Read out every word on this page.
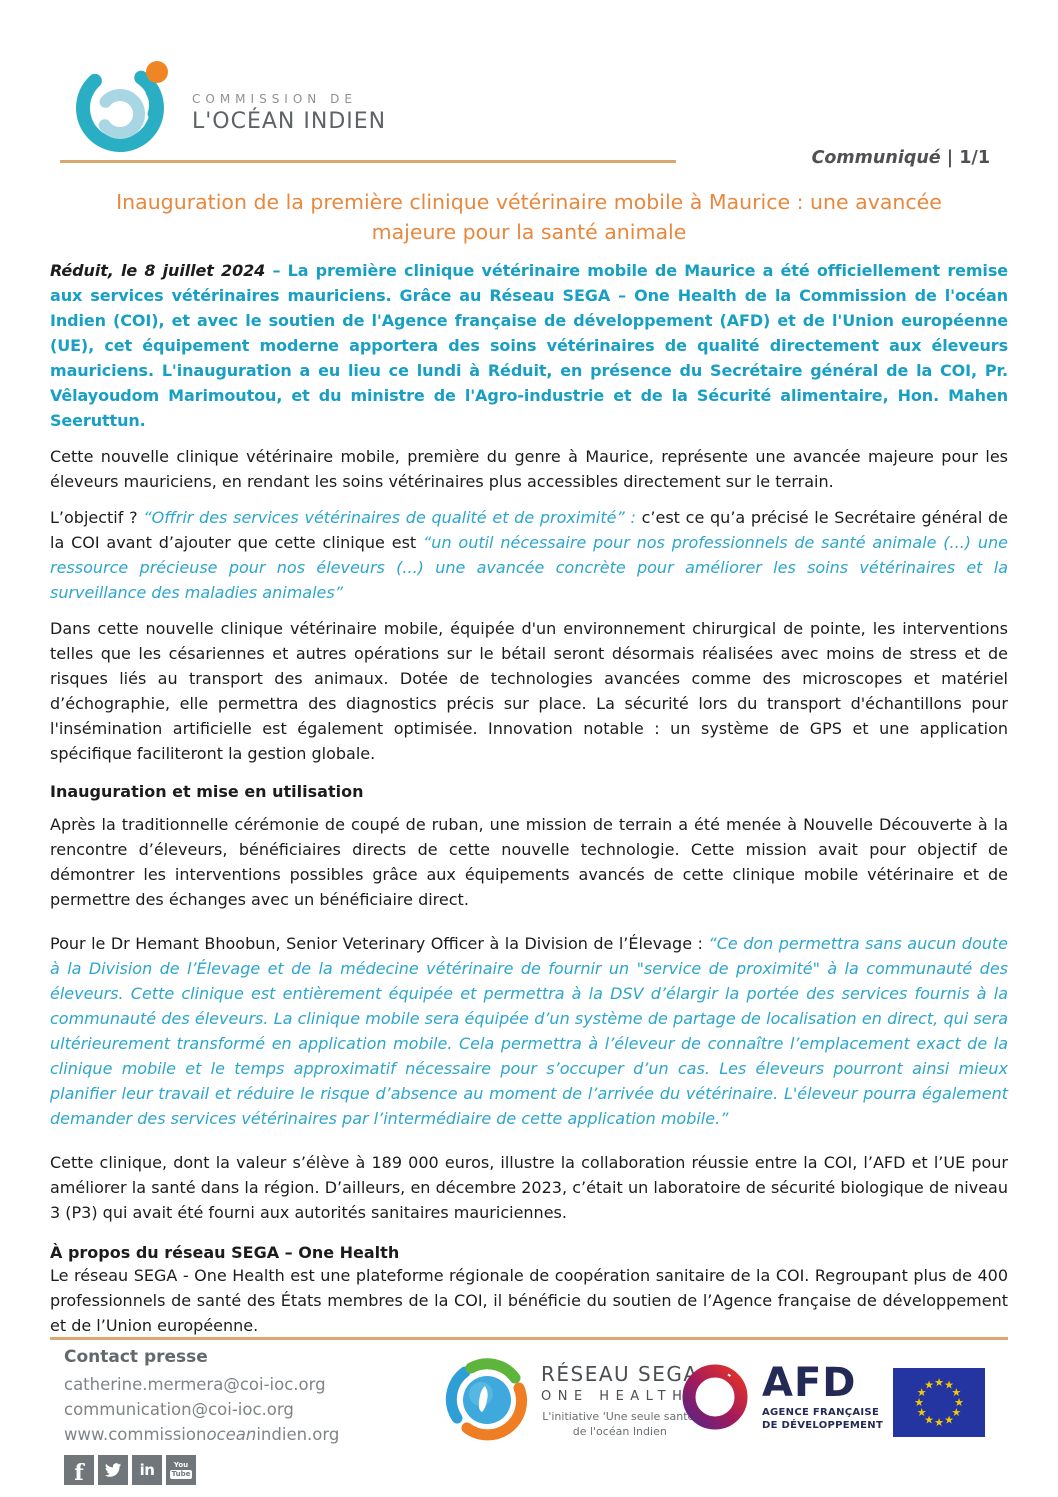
COMMISSION DE
L'OCÉAN INDIEN
Communiqué | 1/1
Inauguration de la première clinique vétérinaire mobile à Maurice : une avancée majeure pour la santé animale

Réduit, le 8 juillet 2024 – La première clinique vétérinaire mobile de Maurice a été officiellement remise aux services vétérinaires mauriciens. Grâce au Réseau SEGA – One Health de la Commission de l'océan Indien (COI), et avec le soutien de l'Agence française de développement (AFD) et de l'Union européenne (UE), cet équipement moderne apportera des soins vétérinaires de qualité directement aux éleveurs mauriciens. L'inauguration a eu lieu ce lundi à Réduit, en présence du Secrétaire général de la COI, Pr. Vêlayoudom Marimoutou, et du ministre de l'Agro-industrie et de la Sécurité alimentaire, Hon. Mahen Seeruttun.

Cette nouvelle clinique vétérinaire mobile, première du genre à Maurice, représente une avancée majeure pour les éleveurs mauriciens, en rendant les soins vétérinaires plus accessibles directement sur le terrain.

L’objectif ? “Offrir des services vétérinaires de qualité et de proximité” : c’est ce qu’a précisé le Secrétaire général de la COI avant d’ajouter que cette clinique est “un outil nécessaire pour nos professionnels de santé animale (...) une ressource précieuse pour nos éleveurs (...) une avancée concrète pour améliorer les soins vétérinaires et la surveillance des maladies animales”

Dans cette nouvelle clinique vétérinaire mobile, équipée d'un environnement chirurgical de pointe, les interventions telles que les césariennes et autres opérations sur le bétail seront désormais réalisées avec moins de stress et de risques liés au transport des animaux. Dotée de technologies avancées comme des microscopes et matériel d’échographie, elle permettra des diagnostics précis sur place. La sécurité lors du transport d'échantillons pour l'insémination artificielle est également optimisée. Innovation notable : un système de GPS et une application spécifique faciliteront la gestion globale.

Inauguration et mise en utilisation

Après la traditionnelle cérémonie de coupé de ruban, une mission de terrain a été menée à Nouvelle Découverte à la rencontre d’éleveurs, bénéficiaires directs de cette nouvelle technologie. Cette mission avait pour objectif de démontrer les interventions possibles grâce aux équipements avancés de cette clinique mobile vétérinaire et de permettre des échanges avec un bénéficiaire direct.

Pour le Dr Hemant Bhoobun, Senior Veterinary Officer à la Division de l’Élevage : “Ce don permettra sans aucun doute à la Division de l’Élevage et de la médecine vétérinaire de fournir un "service de proximité" à la communauté des éleveurs. Cette clinique est entièrement équipée et permettra à la DSV d’élargir la portée des services fournis à la communauté des éleveurs. La clinique mobile sera équipée d’un système de partage de localisation en direct, qui sera ultérieurement transformé en application mobile. Cela permettra à l’éleveur de connaître l’emplacement exact de la clinique mobile et le temps approximatif nécessaire pour s’occuper d’un cas. Les éleveurs pourront ainsi mieux planifier leur travail et réduire le risque d’absence au moment de l’arrivée du vétérinaire. L'éleveur pourra également demander des services vétérinaires par l’intermédiaire de cette application mobile.”

Cette clinique, dont la valeur s’élève à 189 000 euros, illustre la collaboration réussie entre la COI, l’AFD et l’UE pour améliorer la santé dans la région. D’ailleurs, en décembre 2023, c’était un laboratoire de sécurité biologique de niveau 3 (P3) qui avait été fourni aux autorités sanitaires mauriciennes.

À propos du réseau SEGA – One Health

Le réseau SEGA - One Health est une plateforme régionale de coopération sanitaire de la COI. Regroupant plus de 400 professionnels de santé des États membres de la COI, il bénéficie du soutien de l’Agence française de développement et de l’Union européenne.

Contact presse
catherine.mermera@coi-ioc.org
communication@coi-ioc.org
www.commissionoceanindien.org
f	in	You
Tube
RÉSEAU SEGA
ONE HEALTH
L'initiative 'Une seule santé'
de l'océan Indien
AFD
AGENCE FRANÇAISE
DE DÉVELOPPEMENT
★ ★
★
★
★
★
★
★
★
★
★
★
